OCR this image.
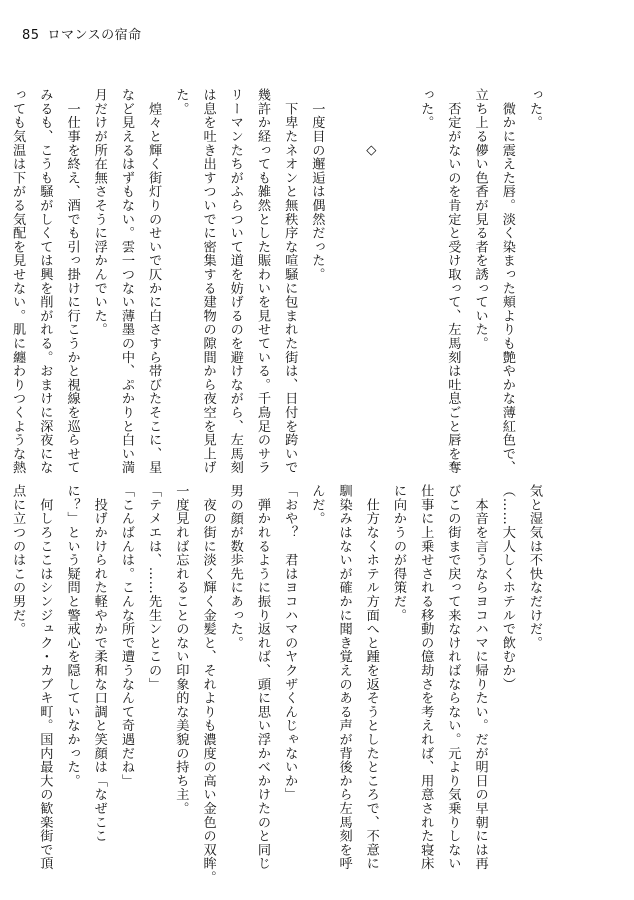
85 ロマンスの宿命

った。

　微かに震えた唇。淡く染まった頬よりも艶やかな薄紅色で、

立ち上る儚い色香が見る者を誘っていた。

　否定がないのを肯定と受け取って、左馬刻は吐息ごと唇を奪

った。

　　　　◇

　一度目の邂逅は偶然だった。

　下卑たネオンと無秩序な喧騒に包まれた街は、日付を跨いで

幾許か経っても雑然とした賑わいを見せている。千鳥足のサラ

リーマンたちがふらついて道を妨げるのを避けながら、左馬刻

は息を吐き出すついでに密集する建物の隙間から夜空を見上げ

た。

　煌々と輝く街灯りのせいで仄かに白さすら帯びたそこに、星

など見えるはずもない。雲一つない薄墨の中、ぷかりと白い満

月だけが所在無さそうに浮かんでいた。

　一仕事を終え、酒でも引っ掛けに行こうかと視線を巡らせて

みるも、こうも騒がしくては興を削がれる。おまけに深夜にな

っても気温は下がる気配を見せない。肌に纏わりつくような熱

気と湿気は不快なだけだ。

（……大人しくホテルで飲むか）

　本音を言うならヨコハマに帰りたい。だが明日の早朝には再

びこの街まで戻って来なければならない。元より気乗りしない

仕事に上乗せされる移動の億劫さを考えれば、用意された寝床

に向かうのが得策だ。

　仕方なくホテル方面へと踵を返そうとしたところで、不意に

馴染みはないが確かに聞き覚えのある声が背後から左馬刻を呼

んだ。

「おや？　君はヨコハマのヤクザくんじゃないか」

　弾かれるように振り返れば、頭に思い浮かべかけたのと同じ

男の顔が数歩先にあった。

　夜の街に淡く輝く金髪と、それよりも濃度の高い金色の双眸。

一度見れば忘れることのない印象的な美貌の持ち主。

「テメエは、……先生ンとこの」

「こんばんは。こんな所で遭うなんて奇遇だね」

　投げかけられた軽やかで柔和な口調と笑顔は「なぜここ

に？」という疑問と警戒心を隠していなかった。

　何しろここはシンジュク・カブキ町。国内最大の歓楽街で頂

点に立つのはこの男だ。
